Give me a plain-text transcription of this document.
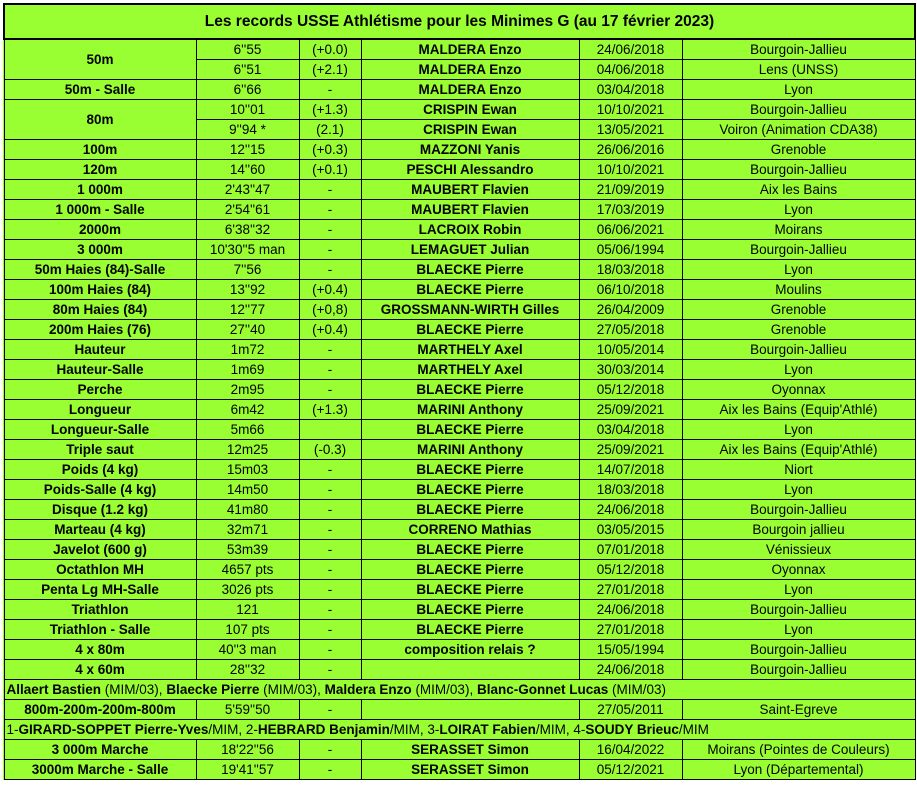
Les records USSE Athlétisme pour les Minimes G (au 17 février 2023)					
50m	6''55	(+0.0)	MALDERA Enzo	24/06/2018	Bourgoin-Jallieu
	6''51	(+2.1)	MALDERA Enzo	04/06/2018	Lens (UNSS)
50m - Salle	6''66	-	MALDERA Enzo	03/04/2018	Lyon
80m	10''01	(+1.3)	CRISPIN Ewan	10/10/2021	Bourgoin-Jallieu
	9''94 *	(2.1)	CRISPIN Ewan	13/05/2021	Voiron (Animation CDA38)
100m	12''15	(+0.3)	MAZZONI Yanis	26/06/2016	Grenoble
120m	14''60	(+0.1)	PESCHI Alessandro	10/10/2021	Bourgoin-Jallieu
1 000m	2'43''47	-	MAUBERT Flavien	21/09/2019	Aix les Bains
1 000m - Salle	2'54''61	-	MAUBERT Flavien	17/03/2019	Lyon
2000m	6'38''32	-	LACROIX Robin	06/06/2021	Moirans
3 000m	10'30''5 man	-	LEMAGUET Julian	05/06/1994	Bourgoin-Jallieu
50m Haies (84)-Salle	7''56	-	BLAECKE Pierre	18/03/2018	Lyon
100m Haies (84)	13''92	(+0.4)	BLAECKE Pierre	06/10/2018	Moulins
80m Haies (84)	12''77	(+0,8)	GROSSMANN-WIRTH Gilles	26/04/2009	Grenoble
200m Haies (76)	27''40	(+0.4)	BLAECKE Pierre	27/05/2018	Grenoble
Hauteur	1m72	-	MARTHELY Axel	10/05/2014	Bourgoin-Jallieu
Hauteur-Salle	1m69	-	MARTHELY Axel	30/03/2014	Lyon
Perche	2m95	-	BLAECKE Pierre	05/12/2018	Oyonnax
Longueur	6m42	(+1.3)	MARINI Anthony	25/09/2021	Aix les Bains (Equip'Athlé)
Longueur-Salle	5m66		BLAECKE Pierre	03/04/2018	Lyon
Triple saut	12m25	(-0.3)	MARINI Anthony	25/09/2021	Aix les Bains (Equip'Athlé)
Poids (4 kg)	15m03	-	BLAECKE Pierre	14/07/2018	Niort
Poids-Salle (4 kg)	14m50	-	BLAECKE Pierre	18/03/2018	Lyon
Disque (1.2 kg)	41m80	-	BLAECKE Pierre	24/06/2018	Bourgoin-Jallieu
Marteau (4 kg)	32m71	-	CORRENO Mathias	03/05/2015	Bourgoin jallieu
Javelot (600 g)	53m39	-	BLAECKE Pierre	07/01/2018	Vénissieux
Octathlon MH	4657 pts	-	BLAECKE Pierre	05/12/2018	Oyonnax
Penta Lg MH-Salle	3026 pts	-	BLAECKE Pierre	27/01/2018	Lyon
Triathlon	121	-	BLAECKE Pierre	24/06/2018	Bourgoin-Jallieu
Triathlon - Salle	107 pts	-	BLAECKE Pierre	27/01/2018	Lyon
4 x 80m	40''3 man	-	composition relais ?	15/05/1994	Bourgoin-Jallieu
4 x 60m	28''32	-		24/06/2018	Bourgoin-Jallieu
Allaert Bastien (MIM/03), Blaecke Pierre (MIM/03), Maldera Enzo (MIM/03), Blanc-Gonnet Lucas (MIM/03)					
800m-200m-200m-800m	5'59''50	-		27/05/2011	Saint-Egreve
1-GIRARD-SOPPET Pierre-Yves/MIM, 2-HEBRARD Benjamin/MIM, 3-LOIRAT Fabien/MIM, 4-SOUDY Brieuc/MIM					
3 000m Marche	18'22''56	-	SERASSET Simon	16/04/2022	Moirans (Pointes de Couleurs)
3000m Marche - Salle	19'41''57	-	SERASSET Simon	05/12/2021	Lyon (Départemental)
